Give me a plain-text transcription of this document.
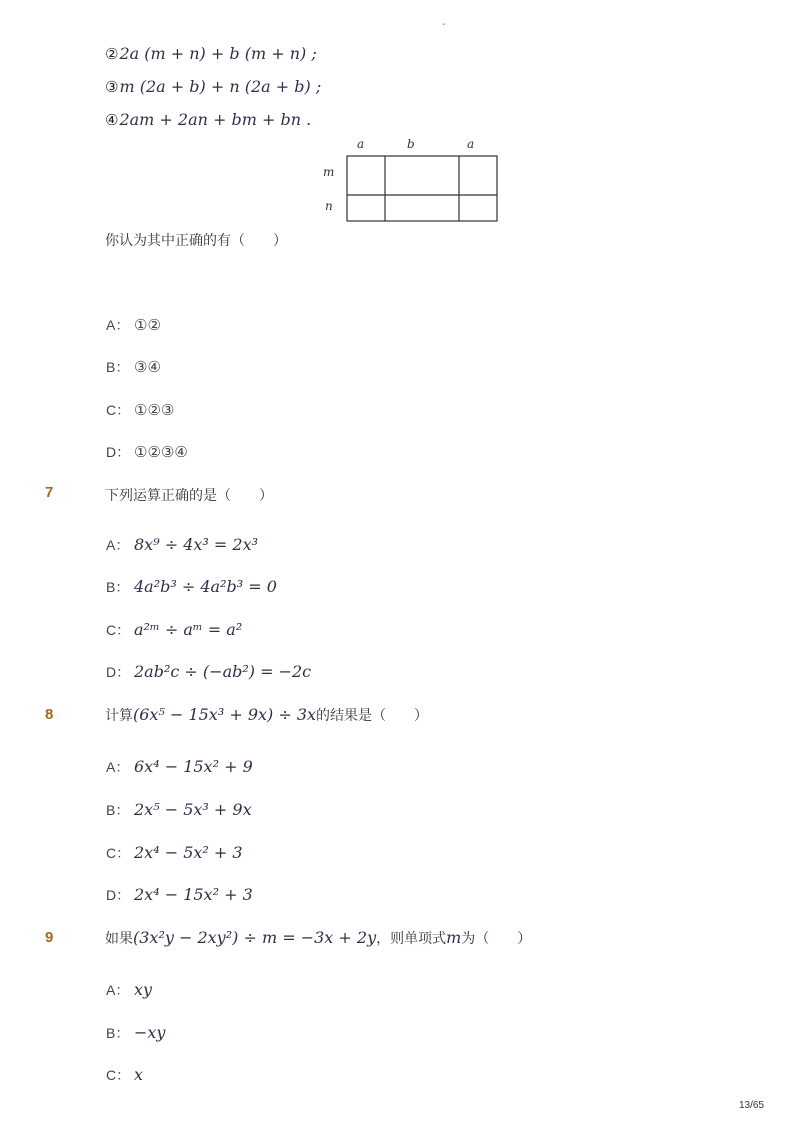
-
②2a (m + n) + b (m + n) ;
③m (2a + b) + n (2a + b) ;
④2am + 2an + bm + bn .
a	b	a
m
n
你认为其中正确的有（　　）
A： ①②
B： ③④
C： ①②③
D： ①②③④
7	下列运算正确的是（　　）
A： 8x⁹ ÷ 4x³ = 2x³
B： 4a²b³ ÷ 4a²b³ = 0
C： a²ᵐ ÷ aᵐ = a²
D： 2ab²c ÷ (−ab²) = −2c
8	计算(6x⁵ − 15x³ + 9x) ÷ 3x的结果是（　　）
A： 6x⁴ − 15x² + 9
B： 2x⁵ − 5x³ + 9x
C： 2x⁴ − 5x² + 3
D： 2x⁴ − 15x² + 3
9	如果(3x²y − 2xy²) ÷ m = −3x + 2y，则单项式m为（　　）
A： xy
B： −xy
C： x
13/65
